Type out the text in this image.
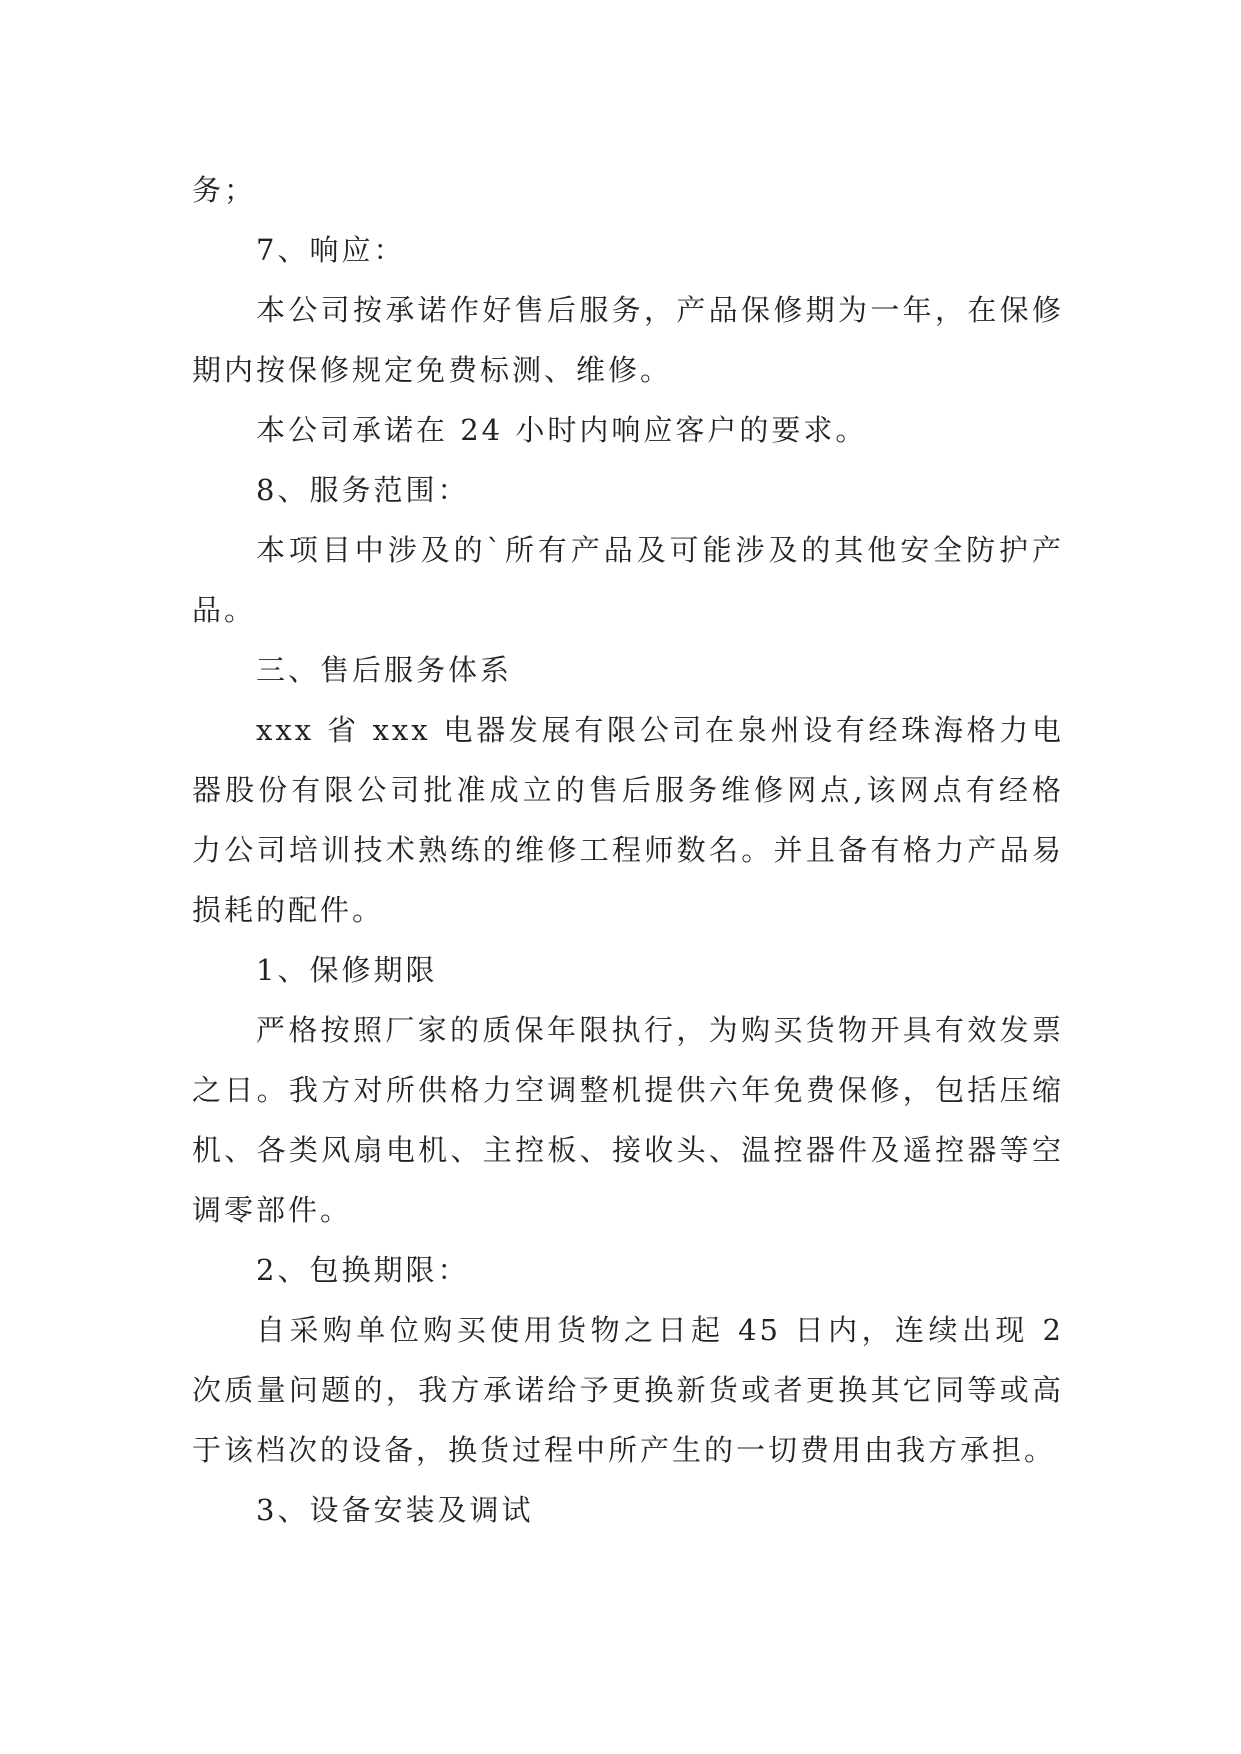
务；

7、响应：

本公司按承诺作好售后服务，产品保修期为一年，在保修期内按保修规定免费标测、维修。

本公司承诺在 24 小时内响应客户的要求。

8、服务范围：

本项目中涉及的`所有产品及可能涉及的其他安全防护产品。

三、售后服务体系

xxx 省 xxx 电器发展有限公司在泉州设有经珠海格力电器股份有限公司批准成立的售后服务维修网点,该网点有经格力公司培训技术熟练的维修工程师数名。并且备有格力产品易损耗的配件。

1、保修期限

严格按照厂家的质保年限执行，为购买货物开具有效发票之日。我方对所供格力空调整机提供六年免费保修，包括压缩机、各类风扇电机、主控板、接收头、温控器件及遥控器等空调零部件。

2、包换期限：

自采购单位购买使用货物之日起 45 日内，连续出现 2 次质量问题的，我方承诺给予更换新货或者更换其它同等或高于该档次的设备，换货过程中所产生的一切费用由我方承担。

3、设备安装及调试
